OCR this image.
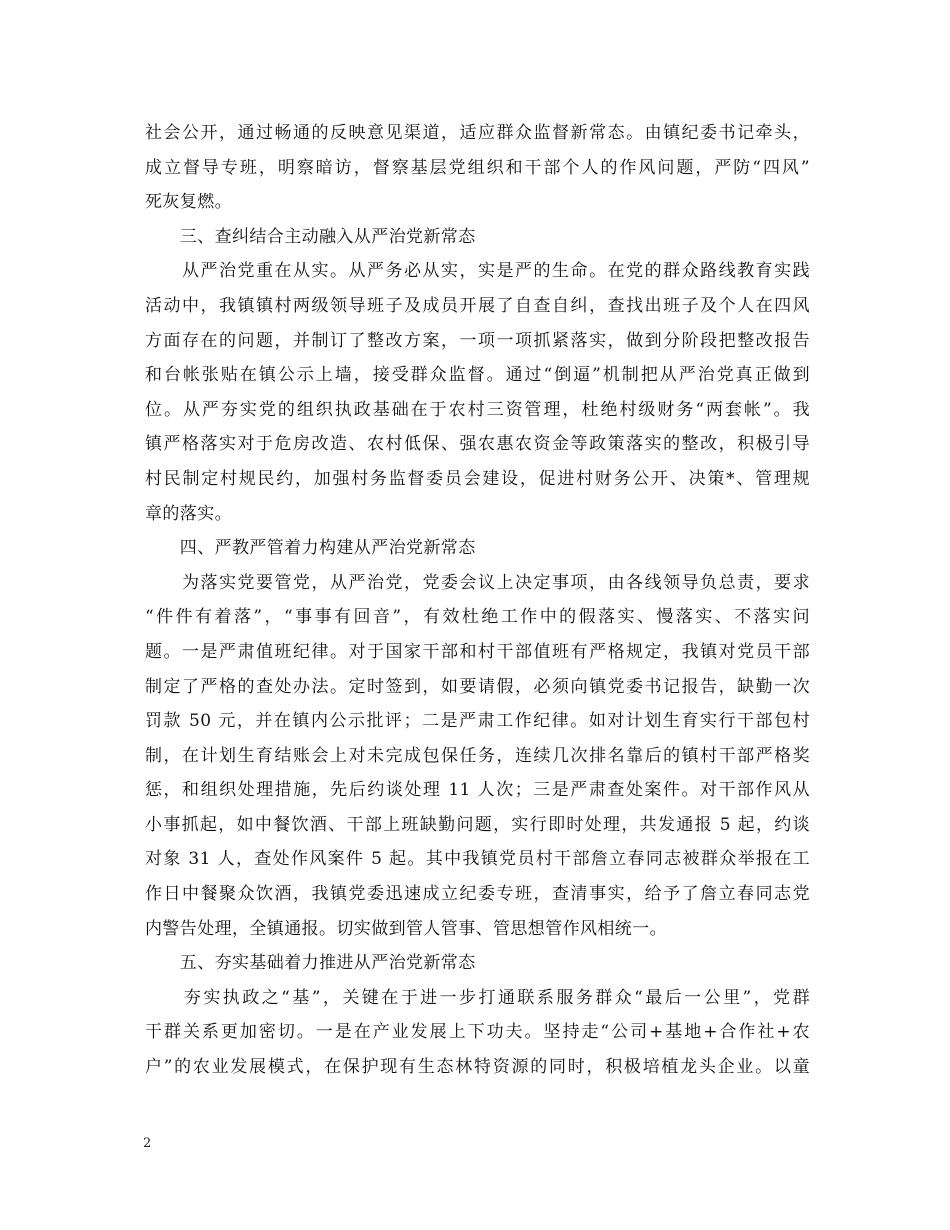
社会公开，通过畅通的反映意见渠道，适应群众监督新常态。由镇纪委书记牵头，
成立督导专班，明察暗访，督察基层党组织和干部个人的作风问题，严防“四风”
死灰复燃。
　　三、查纠结合主动融入从严治党新常态
　　从严治党重在从实。从严务必从实，实是严的生命。在党的群众路线教育实践
活动中，我镇镇村两级领导班子及成员开展了自查自纠，查找出班子及个人在四风
方面存在的问题，并制订了整改方案，一项一项抓紧落实，做到分阶段把整改报告
和台帐张贴在镇公示上墙，接受群众监督。通过“倒逼”机制把从严治党真正做到
位。从严夯实党的组织执政基础在于农村三资管理，杜绝村级财务“两套帐”。我
镇严格落实对于危房改造、农村低保、强农惠农资金等政策落实的整改，积极引导
村民制定村规民约，加强村务监督委员会建设，促进村财务公开、决策*、管理规
章的落实。
　　四、严教严管着力构建从严治党新常态
　　为落实党要管党，从严治党，党委会议上决定事项，由各线领导负总责，要求
“件件有着落”，“事事有回音”，有效杜绝工作中的假落实、慢落实、不落实问
题。一是严肃值班纪律。对于国家干部和村干部值班有严格规定，我镇对党员干部
制定了严格的查处办法。定时签到，如要请假，必须向镇党委书记报告，缺勤一次
罚款 50 元，并在镇内公示批评；二是严肃工作纪律。如对计划生育实行干部包村
制，在计划生育结账会上对未完成包保任务，连续几次排名靠后的镇村干部严格奖
惩，和组织处理措施，先后约谈处理 11 人次；三是严肃查处案件。对干部作风从
小事抓起，如中餐饮酒、干部上班缺勤问题，实行即时处理，共发通报 5 起，约谈
对象 31 人，查处作风案件 5 起。其中我镇党员村干部詹立春同志被群众举报在工
作日中餐聚众饮酒，我镇党委迅速成立纪委专班，查清事实，给予了詹立春同志党
内警告处理，全镇通报。切实做到管人管事、管思想管作风相统一。
　　五、夯实基础着力推进从严治党新常态
　　夯实执政之“基”，关键在于进一步打通联系服务群众“最后一公里”，党群
干群关系更加密切。一是在产业发展上下功夫。坚持走“公司+基地+合作社+农
户”的农业发展模式，在保护现有生态林特资源的同时，积极培植龙头企业。以童
2
